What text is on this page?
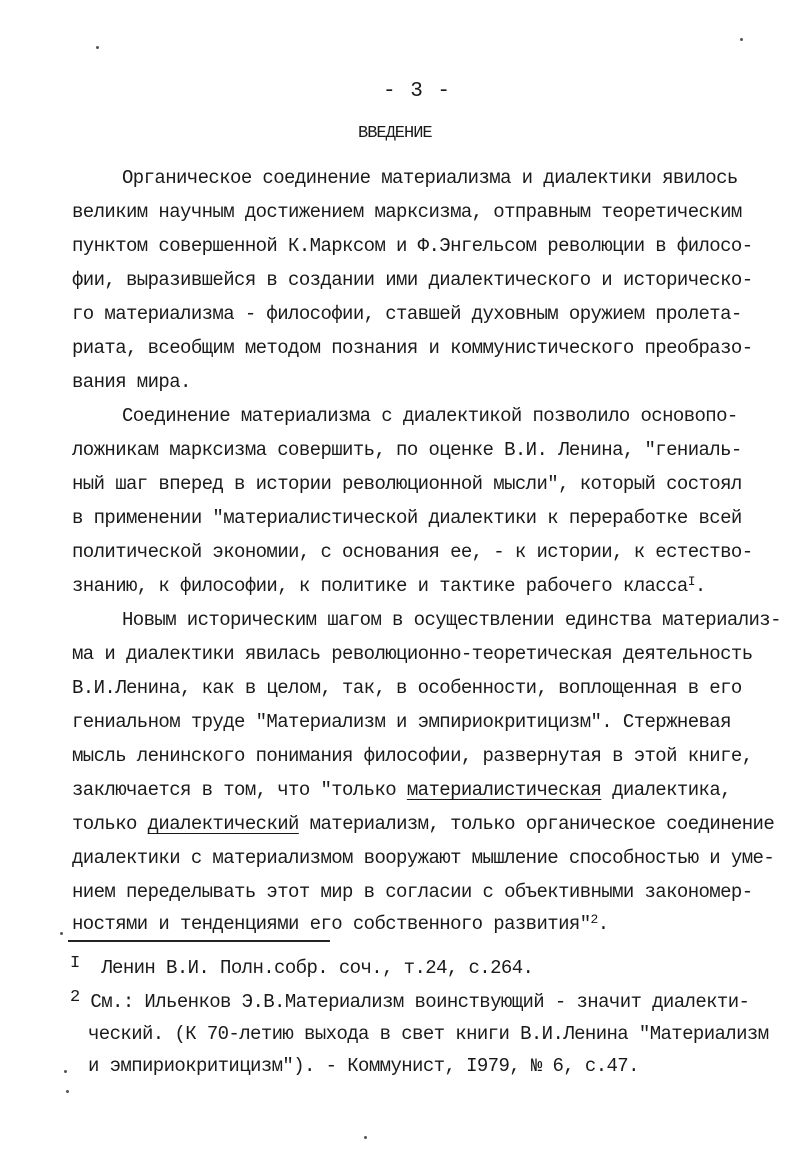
- 3 -
ВВЕДЕНИЕ
Органическое соединение материализма и диалектики явилось
великим научным достижением марксизма, отправным теоретическим
пунктом совершенной К.Марксом и Ф.Энгельсом революции в филосо-
фии, выразившейся в создании ими диалектического и историческо-
го материализма - философии, ставшей духовным оружием пролета-
риата, всеобщим методом познания и коммунистического преобразо-
вания мира.
Соединение материализма с диалектикой позволило основопо-
ложникам марксизма совершить, по оценке В.И. Ленина, "гениаль-
ный шаг вперед в истории революционной мысли", который состоял
в применении "материалистической диалектики к переработке всей
политической экономии, с основания ее, - к истории, к естество-
знанию, к философии, к политике и тактике рабочего класса$^I$.
Новым историческим шагом в осуществлении единства материализ-
ма и диалектики явилась революционно-теоретическая деятельность
В.И.Ленина, как в целом, так, в особенности, воплощенная в его
гениальном труде "Материализм и эмпириокритицизм". Стержневая
мысль ленинского понимания философии, развернутая в этой книге,
заключается в том, что "только материалистическая диалектика,
только диалектический материализм, только органическое соединение
диалектики с материализмом вооружают мышление способностью и уме-
нием переделывать этот мир в согласии с объективными закономер-
ностями и тенденциями его собственного развития"$^2$.
I Ленин В.И. Полн.собр. соч., т.24, с.264.
2 См.: Ильенков Э.В.Материализм воинствующий - значит диалекти-
ческий. (К 70-летию выхода в свет книги В.И.Ленина "Материализм
и эмпириокритицизм"). - Коммунист, I979, № 6, с.47.
